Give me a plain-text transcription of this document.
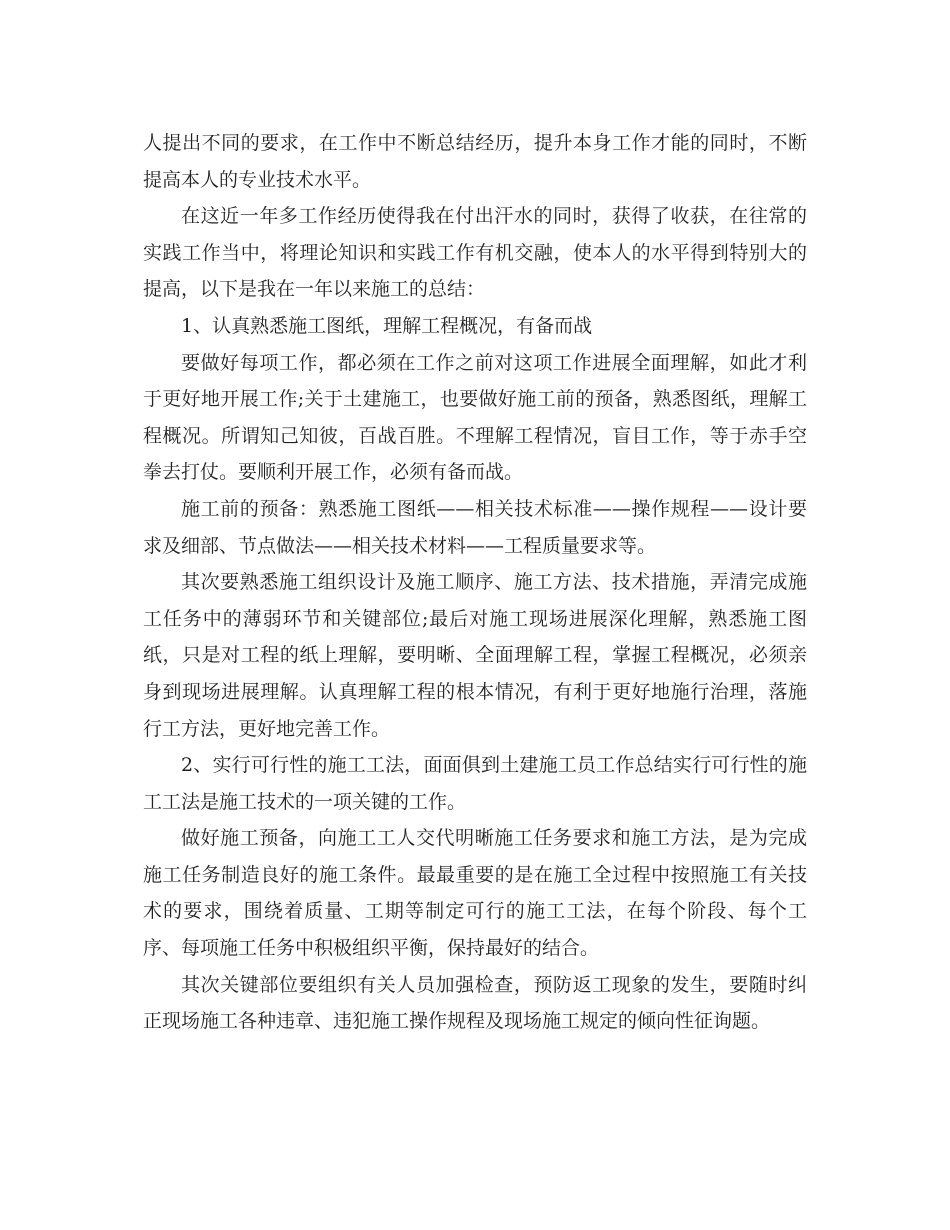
人提出不同的要求，在工作中不断总结经历，提升本身工作才能的同时，不断提高本人的专业技术水平。

在这近一年多工作经历使得我在付出汗水的同时，获得了收获，在往常的实践工作当中，将理论知识和实践工作有机交融，使本人的水平得到特别大的提高，以下是我在一年以来施工的总结：

1、认真熟悉施工图纸，理解工程概况，有备而战

要做好每项工作，都必须在工作之前对这项工作进展全面理解，如此才利于更好地开展工作;关于土建施工，也要做好施工前的预备，熟悉图纸，理解工程概况。所谓知己知彼，百战百胜。不理解工程情况，盲目工作，等于赤手空拳去打仗。要顺利开展工作，必须有备而战。

施工前的预备：熟悉施工图纸——相关技术标准——操作规程——设计要求及细部、节点做法——相关技术材料——工程质量要求等。

其次要熟悉施工组织设计及施工顺序、施工方法、技术措施，弄清完成施工任务中的薄弱环节和关键部位;最后对施工现场进展深化理解，熟悉施工图纸，只是对工程的纸上理解，要明晰、全面理解工程，掌握工程概况，必须亲身到现场进展理解。认真理解工程的根本情况，有利于更好地施行治理，落施行工方法，更好地完善工作。

2、实行可行性的施工工法，面面俱到土建施工员工作总结实行可行性的施工工法是施工技术的一项关键的工作。

做好施工预备，向施工工人交代明晰施工任务要求和施工方法，是为完成施工任务制造良好的施工条件。最最重要的是在施工全过程中按照施工有关技术的要求，围绕着质量、工期等制定可行的施工工法，在每个阶段、每个工序、每项施工任务中积极组织平衡，保持最好的结合。

其次关键部位要组织有关人员加强检查，预防返工现象的发生，要随时纠正现场施工各种违章、违犯施工操作规程及现场施工规定的倾向性征询题。
